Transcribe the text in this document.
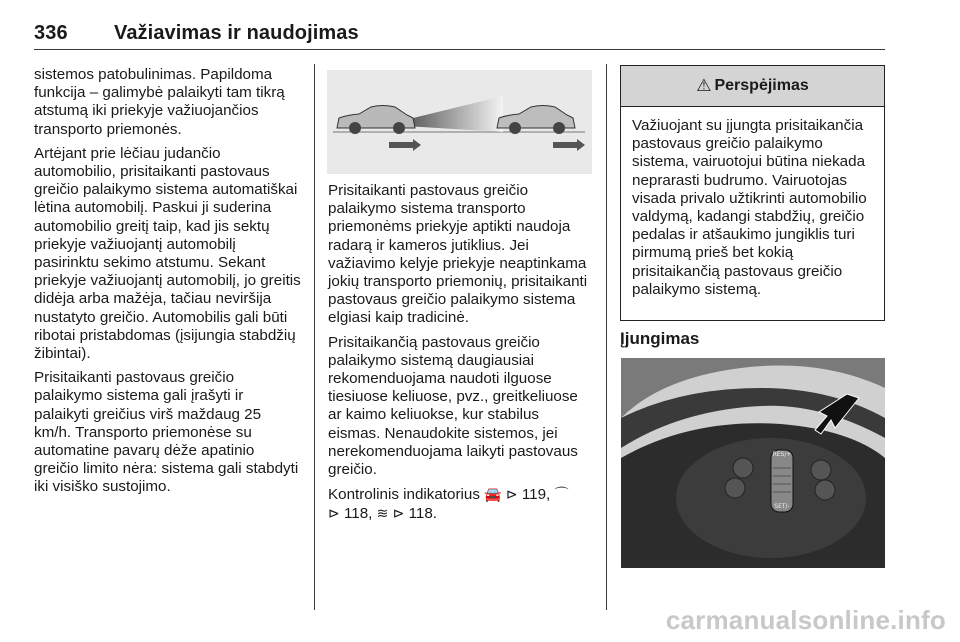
336	Važiavimas ir naudojimas

sistemos patobulinimas. Papildoma funkcija – galimybė palaikyti tam tikrą atstumą iki priekyje važiuojančios transporto priemonės.

Artėjant prie lėčiau judančio automobilio, prisitaikanti pastovaus greičio palaikymo sistema automatiškai lėtina automobilį. Paskui ji suderina automobilio greitį taip, kad jis sektų priekyje važiuojantį automobilį pasirinktu sekimo atstumu. Sekant priekyje važiuojantį automobilį, jo greitis didėja arba mažėja, tačiau neviršija nustatyto greičio. Automobilis gali būti ribotai pristabdomas (įsijungia stabdžių žibintai).

Prisitaikanti pastovaus greičio palaikymo sistema gali įrašyti ir palaikyti greičius virš maždaug 25 km/h. Transporto priemonėse su automatine pavarų dėže apatinio greičio limito nėra: sistema gali stabdyti iki visiško sustojimo.

Prisitaikanti pastovaus greičio palaikymo sistema transporto priemonėms priekyje aptikti naudoja radarą ir kameros jutiklius. Jei važiavimo kelyje priekyje neaptinkama jokių transporto priemonių, prisitaikanti pastovaus greičio palaikymo sistema elgiasi kaip tradicinė.

Prisitaikančią pastovaus greičio palaikymo sistemą daugiausiai rekomenduojama naudoti ilguose tiesiuose keliuose, pvz., greitkeliuose ar kaimo keliuokse, kur stabilus eismas. Nenaudokite sistemos, jei nerekomenduojama laikyti pastovaus greičio.

Kontrolinis indikatorius 🚘 ⊳ 119, ⌒
⊳ 118, ≋ ⊳ 118.

⚠ Perspėjimas
Važiuojant su įjungta prisitaikančia pastovaus greičio palaikymo sistema, vairuotojui būtina niekada neprarasti budrumo. Vairuotojas visada privalo užtikrinti automobilio valdymą, kadangi stabdžių, greičio pedalas ir atšaukimo jungiklis turi pirmumą prieš bet kokią prisitaikančią pastovaus greičio palaikymo sistemą.
Įjungimas
RES/+
SET/-
carmanualsonline.info
